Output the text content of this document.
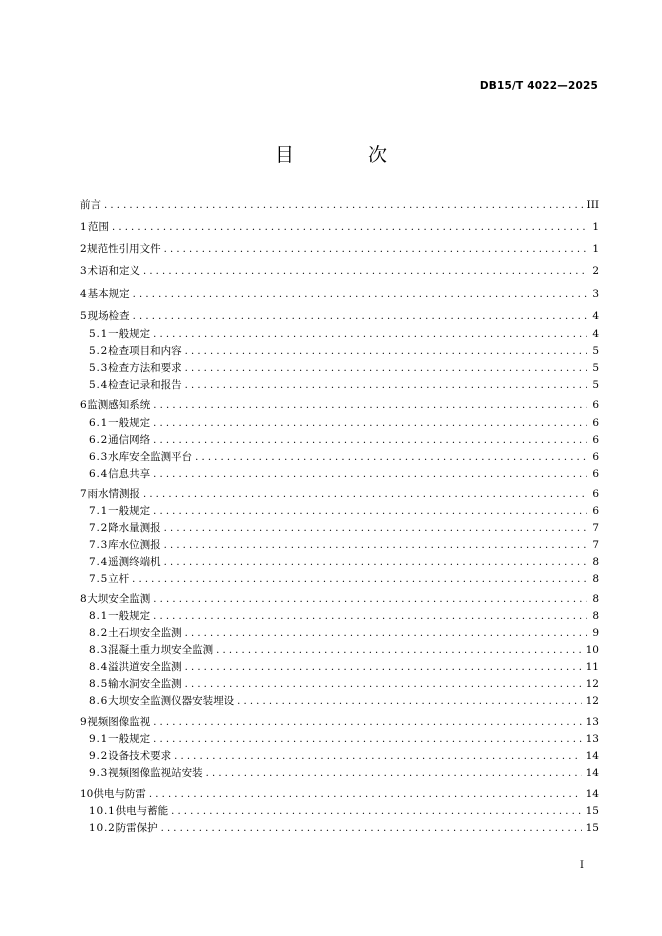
DB15/T 4022—2025
目 次
前言 . . .	III
1 范围 . . .	1
2 规范性引用文件 . . .	1
3 术语和定义 . . .	2
4 基本规定 . . .	3
5 现场检查 . . .	4
5.1 一般规定 . . .	4
5.2 检查项目和内容 . . .	5
5.3 检查方法和要求 . . .	5
5.4 检查记录和报告 . . .	5
6 监测感知系统 . . .	6
6.1 一般规定 . . .	6
6.2 通信网络 . . .	6
6.3 水库安全监测平台 . . .	6
6.4 信息共享 . . .	6
7 雨水情测报 . . .	6
7.1 一般规定 . . .	6
7.2 降水量测报 . . .	7
7.3 库水位测报 . . .	7
7.4 遥测终端机 . . .	8
7.5 立杆 . . .	8
8 大坝安全监测 . . .	8
8.1 一般规定 . . .	8
8.2 土石坝安全监测 . . .	9
8.3 混凝土重力坝安全监测 . . .	10
8.4 溢洪道安全监测 . . .	11
8.5 输水洞安全监测 . . .	12
8.6 大坝安全监测仪器安装埋设 . . .	12
9 视频图像监视 . . .	13
9.1 一般规定 . . .	13
9.2 设备技术要求 . . .	14
9.3 视频图像监视站安装 . . .	14
10 供电与防雷 . . .	14
10.1 供电与蓄能 . . .	15
10.2 防雷保护 . . .	15
I
